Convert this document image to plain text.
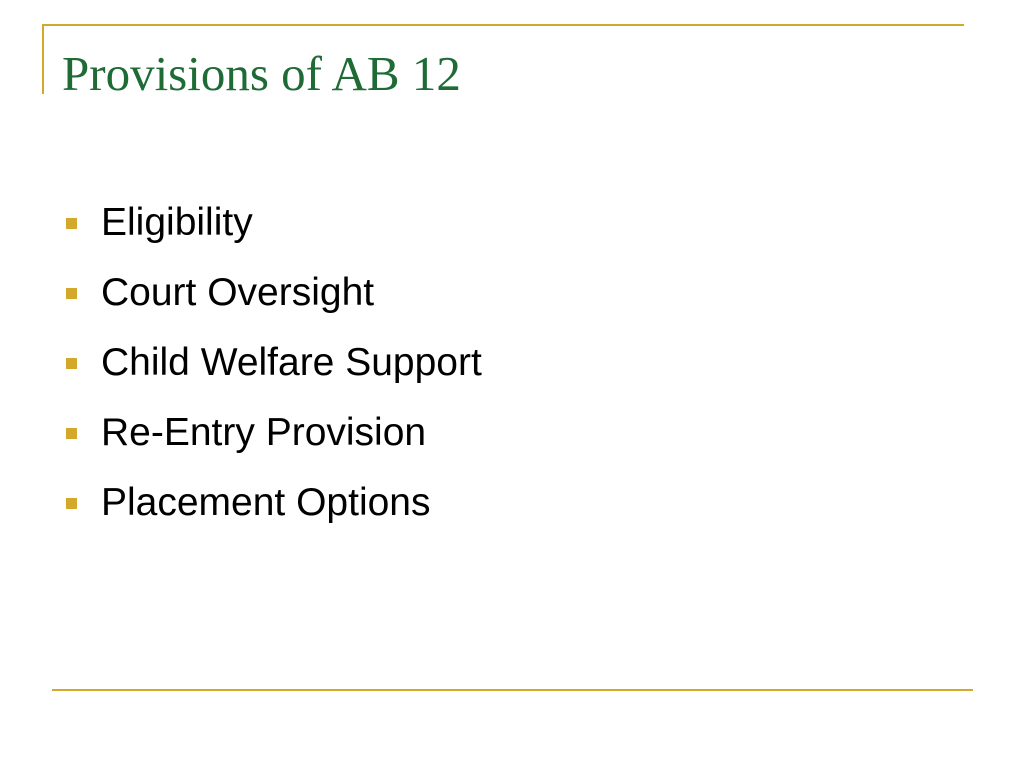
Provisions of AB 12
Eligibility
Court Oversight
Child Welfare Support
Re-Entry Provision
Placement Options
